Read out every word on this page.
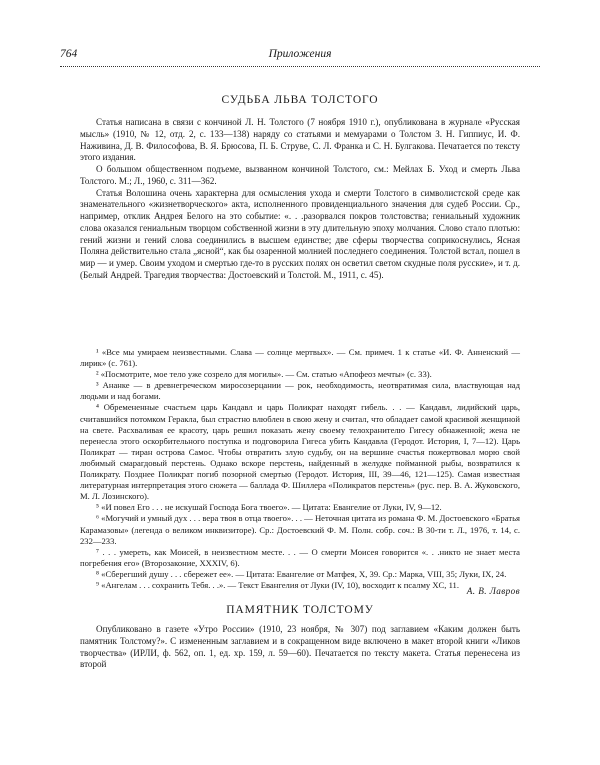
764	Приложения
СУДЬБА ЛЬВА ТОЛСТОГО

Статья написана в связи с кончиной Л. Н. Толстого (7 ноября 1910 г.), опубликована в журнале «Русская мысль» (1910, № 12, отд. 2, с. 133—138) наряду со статьями и мемуарами о Толстом З. Н. Гиппиус, И. Ф. Наживина, Д. В. Философова, В. Я. Брюсова, П. Б. Струве, С. Л. Франка и С. Н. Булгакова. Печатается по тексту этого издания.

О большом общественном подъеме, вызванном кончиной Толстого, см.: Мейлах Б. Уход и смерть Льва Толстого. М.; Л., 1960, с. 311—362.

Статья Волошина очень характерна для осмысления ухода и смерти Толстого в символистской среде как знаменательного «жизнетворческого» акта, исполненного провиденциального значения для судеб России. Ср., например, отклик Андрея Белого на это событие: «. . .разорвался покров толстовства; гениальный художник слова оказался гениальным творцом собственной жизни в эту длительную эпоху молчания. Слово стало плотью: гений жизни и гений слова соединились в высшем единстве; две сферы творчества соприкоснулись, Ясная Поляна действительно стала „ясной“, как бы озаренной молнией последнего соединения. Толстой встал, пошел в мир — и умер. Своим уходом и смертью где-то в русских полях он осветил светом скудные поля русские», и т. д. (Белый Андрей. Трагедия творчества: Достоевский и Толстой. М., 1911, с. 45).

¹ «Все мы умираем неизвестными. Слава — солнце мертвых». — См. примеч. 1 к статье «И. Ф. Анненский — лирик» (с. 761).

² «Посмотрите, мое тело уже созрело для могилы». — См. статью «Апофеоз мечты» (с. 33).

³ Ананке — в древнегреческом миросозерцании — рок, необходимость, неотвратимая сила, властвующая над людьми и над богами.

⁴ Обремененные счастьем царь Кандавл и царь Поликрат находят гибель. . . — Кандавл, лидийский царь, считавшийся потомком Геракла, был страстно влюблен в свою жену и считал, что обладает самой красивой женщиной на свете. Расхваливая ее красоту, царь решил показать жену своему телохранителю Гигесу обнаженной; жена не перенесла этого оскорбительного поступка и подговорила Гигеса убить Кандавла (Геродот. История, I, 7—12). Царь Поликрат — тиран острова Самос. Чтобы отвратить злую судьбу, он на вершине счастья пожертвовал морю свой любимый смарагдовый перстень. Однако вскоре перстень, найденный в желудке пойманной рыбы, возвратился к Поликрату. Позднее Поликрат погиб позорной смертью (Геродот. История, III, 39—46, 121—125). Самая известная литературная интерпретация этого сюжета — баллада Ф. Шиллера «Поликратов перстень» (рус. пер. В. А. Жуковского, М. Л. Лозинского).

⁵ «И повел Его . . . не искушай Господа Бога твоего». — Цитата: Евангелие от Луки, IV, 9—12.

⁶ «Могучий и умный дух . . . вера твоя в отца твоего». . . — Неточная цитата из романа Ф. М. Достоевского «Братья Карамазовы» (легенда о великом инквизиторе). Ср.: Достоевский Ф. М. Полн. собр. соч.: В 30-ти т. Л., 1976, т. 14, с. 232—233.

⁷ . . . умереть, как Моисей, в неизвестном месте. . . — О смерти Моисея говорится «. . .никто не знает места погребения его» (Второзаконие, XXXIV, 6).

⁸ «Сберегший душу . . . сбережет ее». — Цитата: Евангелие от Матфея, X, 39. Ср.: Марка, VIII, 35; Луки, IX, 24.

⁹ «Ангелам . . . сохранить Тебя. . .». — Текст Евангелия от Луки (IV, 10), восходит к псалму XC, 11.

А. В. Лавров
ПАМЯТНИК ТОЛСТОМУ

Опубликовано в газете «Утро России» (1910, 23 ноября, № 307) под заглавием «Каким должен быть памятник Толстому?». С измененным заглавием и в сокращенном виде включено в макет второй книги «Ликов творчества» (ИРЛИ, ф. 562, оп. 1, ед. хр. 159, л. 59—60). Печатается по тексту макета. Статья перенесена из второй
